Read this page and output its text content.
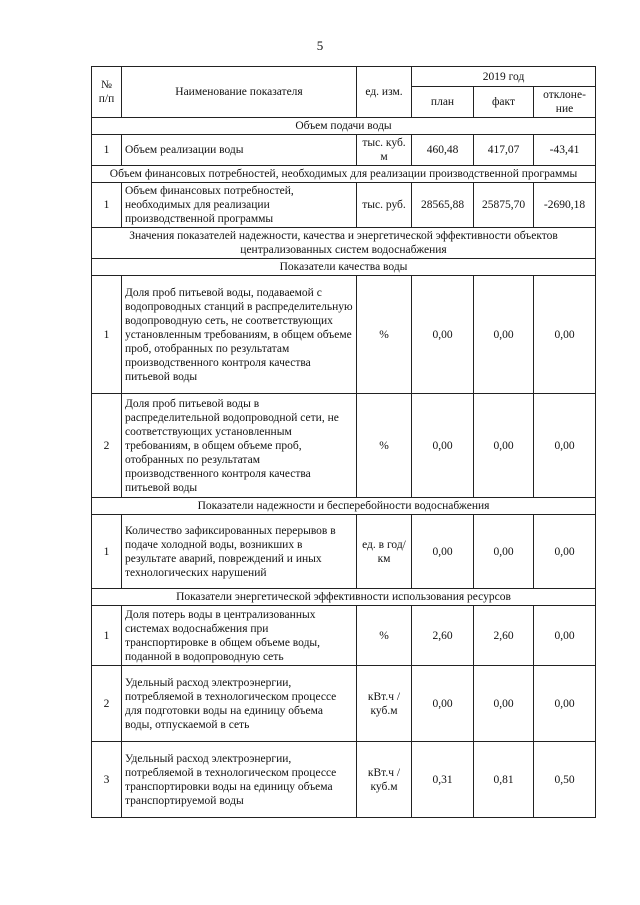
5
№ п/п	Наименование показателя	ед. изм.	2019 год		
			план	факт	отклоне-ние
Объем подачи воды					
1	Объем реализации воды	тыс. куб. м	460,48	417,07	-43,41
Объем финансовых потребностей, необходимых для реализации производственной программы					
1	Объем финансовых потребностей, необходимых для реализации производственной программы	тыс. руб.	28565,88	25875,70	-2690,18
Значения показателей надежности, качества и энергетической эффективности объектов централизованных систем водоснабжения					
Показатели качества воды					
1	Доля проб питьевой воды, подаваемой с водопроводных станций в распределительную водопроводную сеть, не соответствующих установленным требованиям, в общем объеме проб, отобранных по результатам производственного контроля качества питьевой воды	%	0,00	0,00	0,00
2	Доля проб питьевой воды в распределительной водопроводной сети, не соответствующих установленным требованиям, в общем объеме проб, отобранных по результатам производственного контроля качества питьевой воды	%	0,00	0,00	0,00
Показатели надежности и бесперебойности водоснабжения					
1	Количество зафиксированных перерывов в подаче холодной воды, возникших в результате аварий, повреждений и иных технологических нарушений	ед. в год/ км	0,00	0,00	0,00
Показатели энергетической эффективности использования ресурсов					
1	Доля потерь воды в централизованных системах водоснабжения при транспортировке в общем объеме воды, поданной в водопроводную сеть	%	2,60	2,60	0,00
2	Удельный расход электроэнергии, потребляемой в технологическом процессе для подготовки воды на единицу объема воды, отпускаемой в сеть	кВт.ч / куб.м	0,00	0,00	0,00
3	Удельный расход электроэнергии, потребляемой в технологическом процессе транспортировки воды на единицу объема транспортируемой воды	кВт.ч / куб.м	0,31	0,81	0,50
